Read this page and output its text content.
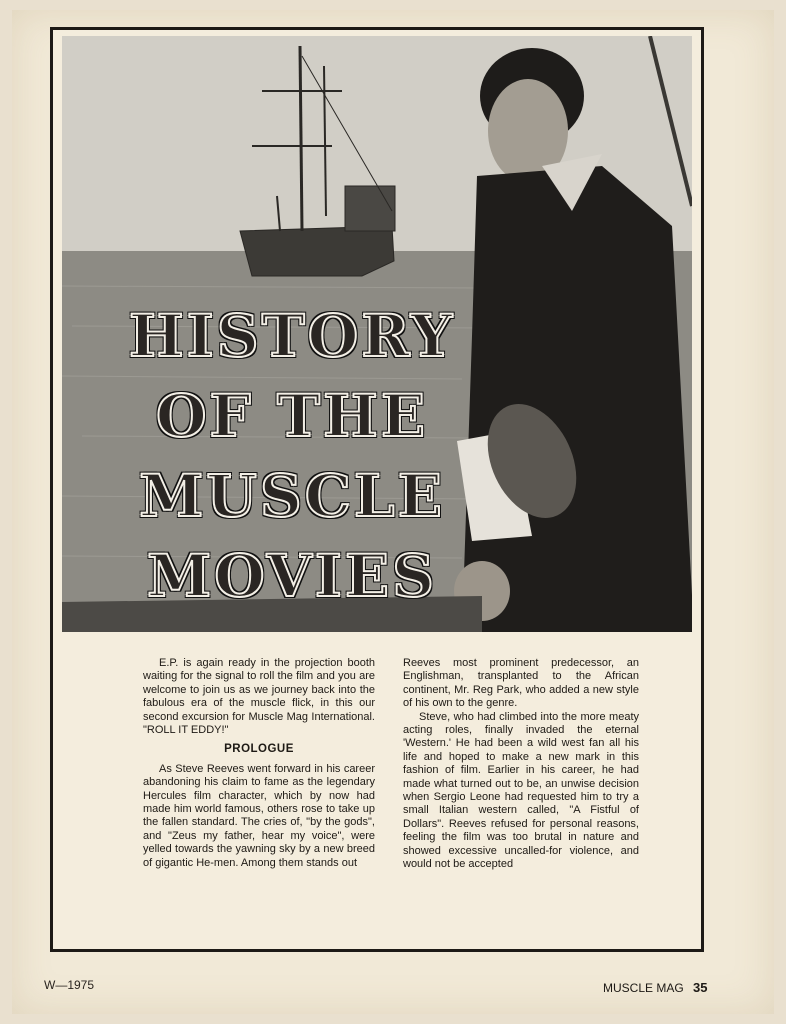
HISTORY
OF THE
MUSCLE
MOVIES

E.P. is again ready in the projection booth waiting for the signal to roll the film and you are welcome to join us as we journey back into the fabulous era of the muscle flick, in this our second excursion for Muscle Mag International. "ROLL IT EDDY!"

PROLOGUE

As Steve Reeves went forward in his career abandoning his claim to fame as the legendary Hercules film character, which by now had made him world famous, others rose to take up the fallen standard. The cries of, "by the gods", and "Zeus my father, hear my voice", were yelled towards the yawning sky by a new breed of gigantic He-men. Among them stands out

Reeves most prominent predecessor, an Englishman, transplanted to the African continent, Mr. Reg Park, who added a new style of his own to the genre.

Steve, who had climbed into the more meaty acting roles, finally invaded the eternal 'Western.' He had been a wild west fan all his life and hoped to make a new mark in this fashion of film. Earlier in his career, he had made what turned out to be, an unwise decision when Sergio Leone had requested him to try a small Italian western called, "A Fistful of Dollars". Reeves refused for personal reasons, feeling the film was too brutal in nature and showed excessive uncalled-for violence, and would not be accepted

W—1975	MUSCLE MAG 35
